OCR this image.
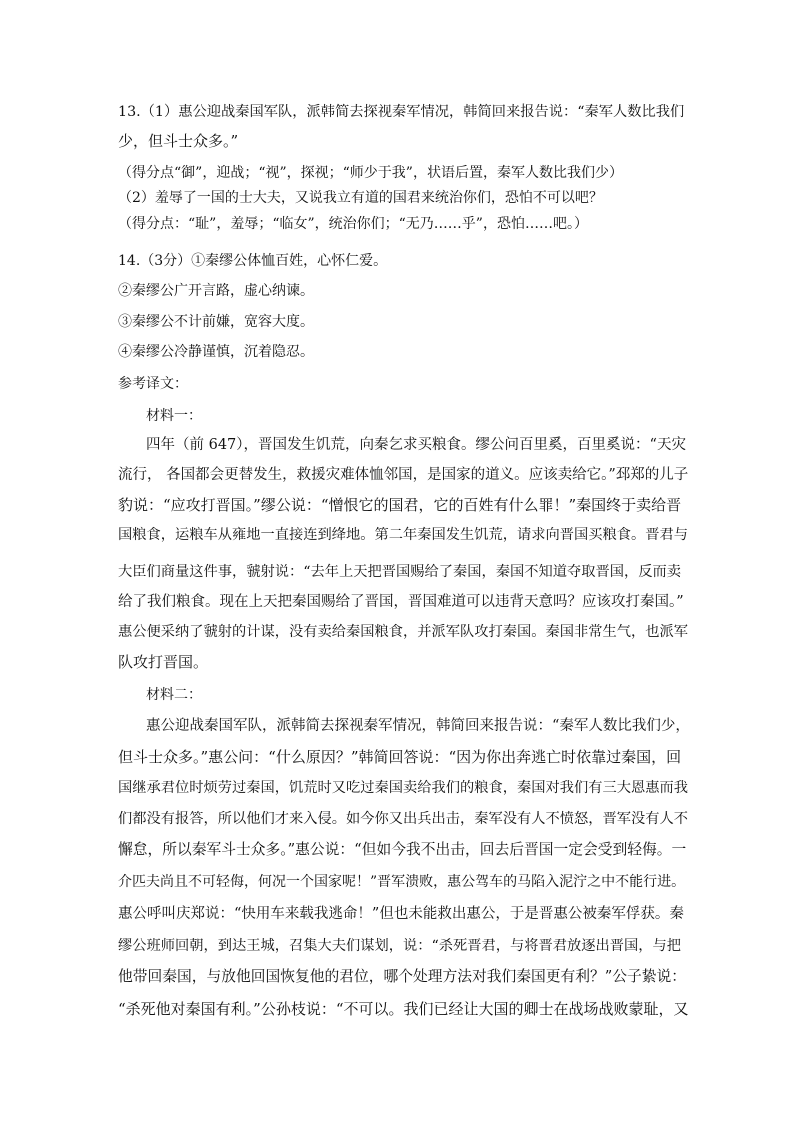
13.（1）惠公迎战秦国军队，派韩简去探视秦军情况，韩简回来报告说：“秦军人数比我们
少，但斗士众多。”
（得分点“御”，迎战；“视”，探视；“师少于我”，状语后置，秦军人数比我们少）
（2）羞辱了一国的士大夫，又说我立有道的国君来统治你们，恐怕不可以吧？
（得分点：“耻”，羞辱；“临女”，统治你们；“无乃……乎”，恐怕……吧。）
14.（3分）①秦缪公体恤百姓，心怀仁爱。
②秦缪公广开言路，虚心纳谏。
③秦缪公不计前嫌，宽容大度。
④秦缪公冷静谨慎，沉着隐忍。
参考译文：
材料一：
四年（前 647），晋国发生饥荒，向秦乞求买粮食。缪公问百里奚，百里奚说：“天灾
流行， 各国都会更替发生，救援灾难体恤邻国，是国家的道义。应该卖给它。”邳郑的儿子
豹说：“应攻打晋国。”缪公说：“憎恨它的国君，它的百姓有什么罪！”秦国终于卖给晋
国粮食，运粮车从雍地一直接连到绛地。第二年秦国发生饥荒，请求向晋国买粮食。晋君与
大臣们商量这件事，虢射说：“去年上天把晋国赐给了秦国，秦国不知道夺取晋国，反而卖
给了我们粮食。现在上天把秦国赐给了晋国，晋国难道可以违背天意吗？应该攻打秦国。”
惠公便采纳了虢射的计谋，没有卖给秦国粮食，并派军队攻打秦国。秦国非常生气，也派军
队攻打晋国。
材料二：
惠公迎战秦国军队，派韩简去探视秦军情况，韩简回来报告说：“秦军人数比我们少，
但斗士众多。”惠公问：“什么原因？”韩简回答说：“因为你出奔逃亡时依靠过秦国，回
国继承君位时烦劳过秦国，饥荒时又吃过秦国卖给我们的粮食，秦国对我们有三大恩惠而我
们都没有报答，所以他们才来入侵。如今你又出兵出击，秦军没有人不愤怒，晋军没有人不
懈怠，所以秦军斗士众多。”惠公说：“但如今我不出击，回去后晋国一定会受到轻侮。一
介匹夫尚且不可轻侮，何况一个国家呢！”晋军溃败，惠公驾车的马陷入泥泞之中不能行进。
惠公呼叫庆郑说：“快用车来载我逃命！”但也未能救出惠公，于是晋惠公被秦军俘获。秦
缪公班师回朝，到达王城，召集大夫们谋划，说：“杀死晋君，与将晋君放逐出晋国，与把
他带回秦国，与放他回国恢复他的君位，哪个处理方法对我们秦国更有利？”公子絷说：
“杀死他对秦国有利。”公孙枝说：“不可以。我们已经让大国的卿士在战场战败蒙耻，又
